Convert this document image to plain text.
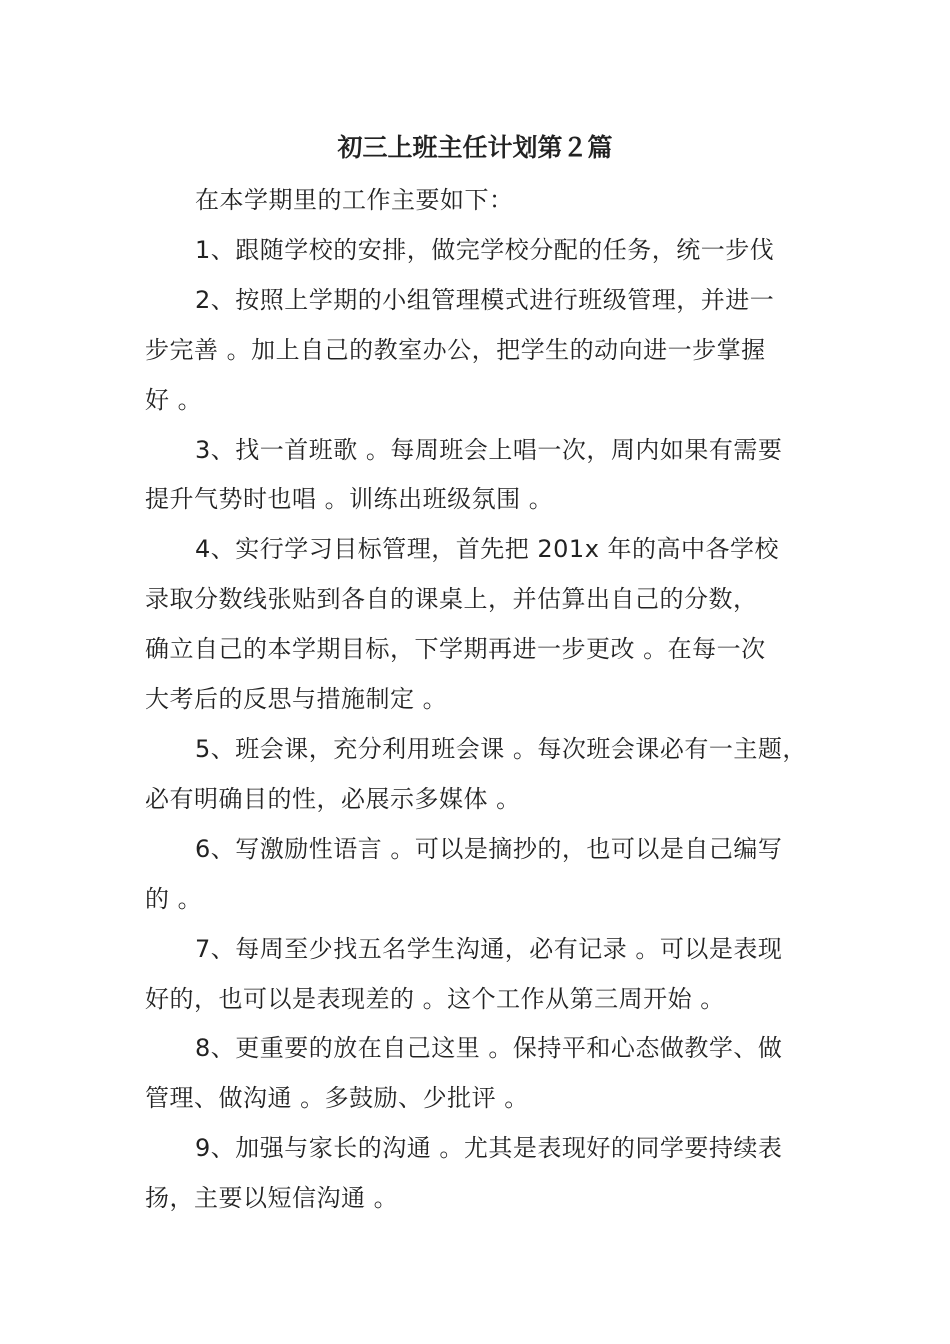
初三上班主任计划第２篇

在本学期里的工作主要如下：

1、跟随学校的安排，做完学校分配的任务，统一步伐

2、按照上学期的小组管理模式进行班级管理，并进一
步完善 。加上自己的教室办公，把学生的动向进一步掌握
好 。

3、找一首班歌 。每周班会上唱一次，周内如果有需要
提升气势时也唱 。训练出班级氛围 。

4、实行学习目标管理，首先把 201x 年的高中各学校
录取分数线张贴到各自的课桌上，并估算出自己的分数，
确立自己的本学期目标，下学期再进一步更改 。在每一次
大考后的反思与措施制定 。

5、班会课，充分利用班会课 。每次班会课必有一主题，
必有明确目的性，必展示多媒体 。

6、写激励性语言 。可以是摘抄的，也可以是自己编写
的 。

7、每周至少找五名学生沟通，必有记录 。可以是表现
好的，也可以是表现差的 。这个工作从第三周开始 。

8、更重要的放在自己这里 。保持平和心态做教学、做
管理、做沟通 。多鼓励、少批评 。

9、加强与家长的沟通 。尤其是表现好的同学要持续表
扬，主要以短信沟通 。
